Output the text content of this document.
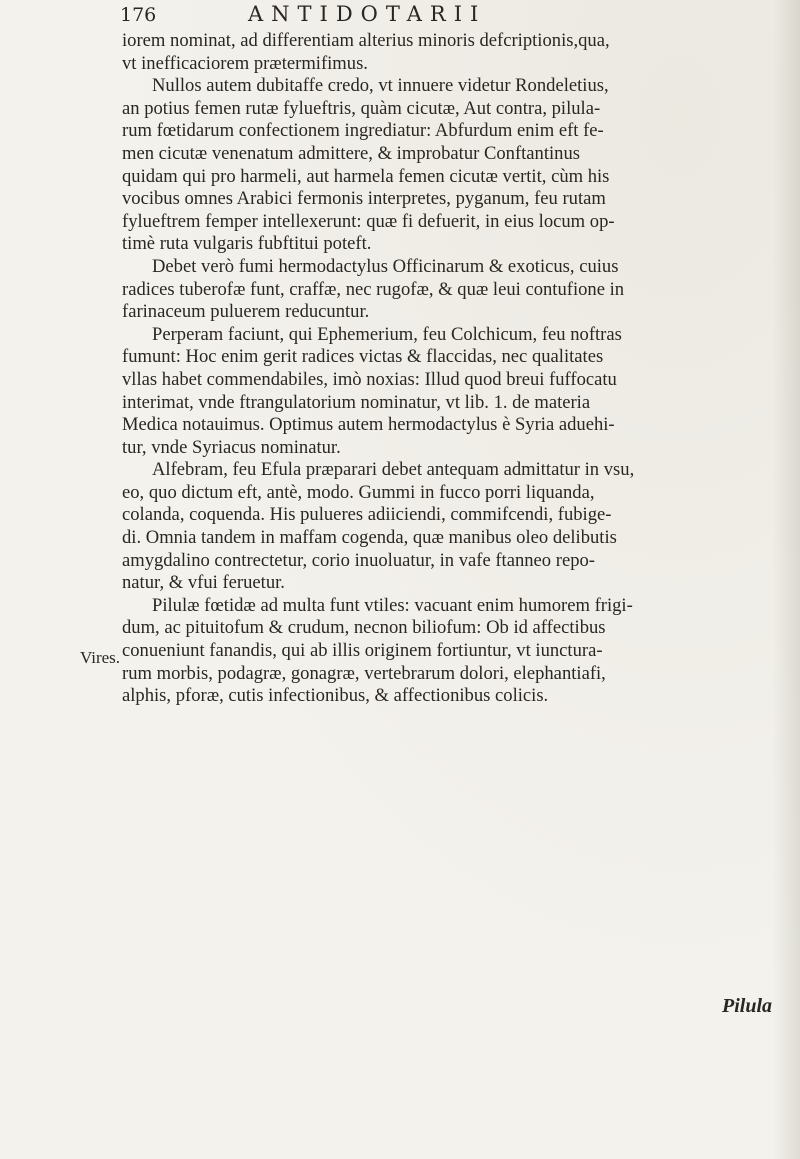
176	ANTIDOTARII
iorem nominat, ad differentiam alterius minoris defcriptionis,qua,
vt inefficaciorem prætermifimus.
Nullos autem dubitaffe credo, vt innuere videtur Rondeletius,
an potius femen rutæ fylueftris, quàm cicutæ, Aut contra, pilula-
rum fœtidarum confectionem ingrediatur: Abfurdum enim eft fe-
men cicutæ venenatum admittere, & improbatur Conftantinus
quidam qui pro harmeli, aut harmela femen cicutæ vertit, cùm his
vocibus omnes Arabici fermonis interpretes, pyganum, feu rutam
fylueftrem femper intellexerunt: quæ fi defuerit, in eius locum op-
timè ruta vulgaris fubftitui poteft.
Debet verò fumi hermodactylus Officinarum & exoticus, cuius
radices tuberofæ funt, craffæ, nec rugofæ, & quæ leui contufione in
farinaceum puluerem reducuntur.
Perperam faciunt, qui Ephemerium, feu Colchicum, feu noftras
fumunt: Hoc enim gerit radices victas & flaccidas, nec qualitates
vllas habet commendabiles, imò noxias: Illud quod breui fuffocatu
interimat, vnde ftrangulatorium nominatur, vt lib. 1. de materia
Medica notauimus. Optimus autem hermodactylus è Syria aduehi-
tur, vnde Syriacus nominatur.
Alfebram, feu Efula præparari debet antequam admittatur in vsu,
eo, quo dictum eft, antè, modo. Gummi in fucco porri liquanda,
colanda, coquenda. His pulueres adiiciendi, commifcendi, fubige-
di. Omnia tandem in maffam cogenda, quæ manibus oleo delibutis
amygdalino contrectetur, corio inuoluatur, in vafe ftanneo repo-
natur, & vfui feruetur.
Pilulæ fœtidæ ad multa funt vtiles: vacuant enim humorem frigi-
dum, ac pituitofum & crudum, necnon biliofum: Ob id affectibus
conueniunt fanandis, qui ab illis originem fortiuntur, vt iunctura-
rum morbis, podagræ, gonagræ, vertebrarum dolori, elephantiafi,
alphis, pforæ, cutis infectionibus, & affectionibus colicis.
Vires.
Pilula
